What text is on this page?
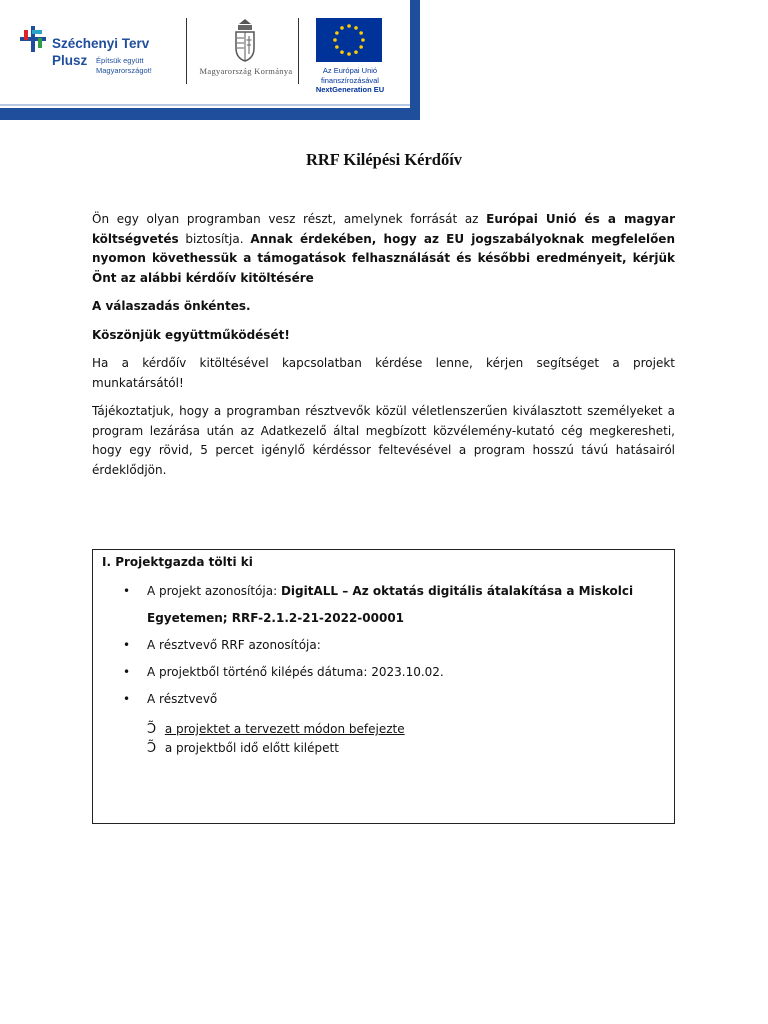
Széchenyi Terv
Plusz Építsük együtt Magyarországot!	Magyarország Kormánya	Az Európai Unió
finanszírozásával
NextGeneration EU
RRF Kilépési Kérdőív

Ön egy olyan programban vesz részt, amelynek forrását az Európai Unió és a magyar költségvetés biztosítja. Annak érdekében, hogy az EU jogszabályoknak megfelelően nyomon követhessük a támogatások felhasználását és későbbi eredményeit, kérjük Önt az alábbi kérdőív kitöltésére

A válaszadás önkéntes.

Köszönjük együttműködését!

Ha a kérdőív kitöltésével kapcsolatban kérdése lenne, kérjen segítséget a projekt munkatársától!

Tájékoztatjuk, hogy a programban résztvevők közül véletlenszerűen kiválasztott személyeket a program lezárása után az Adatkezelő által megbízott közvélemény-kutató cég megkeresheti, hogy egy rövid, 5 percet igénylő kérdéssor feltevésével a program hosszú távú hatásairól érdeklődjön.

I. Projektgazda tölti ki
• A projekt azonosítója: DigitALL – Az oktatás digitális átalakítása a Miskolci Egyetemen; RRF-2.1.2-21-2022-00001
• A résztvevő RRF azonosítója:
• A projektből történő kilépés dátuma: 2023.10.02.
• A résztvevő
Ɔ̃ a projektet a tervezett módon befejezte
Ɔ̃ a projektből idő előtt kilépett
